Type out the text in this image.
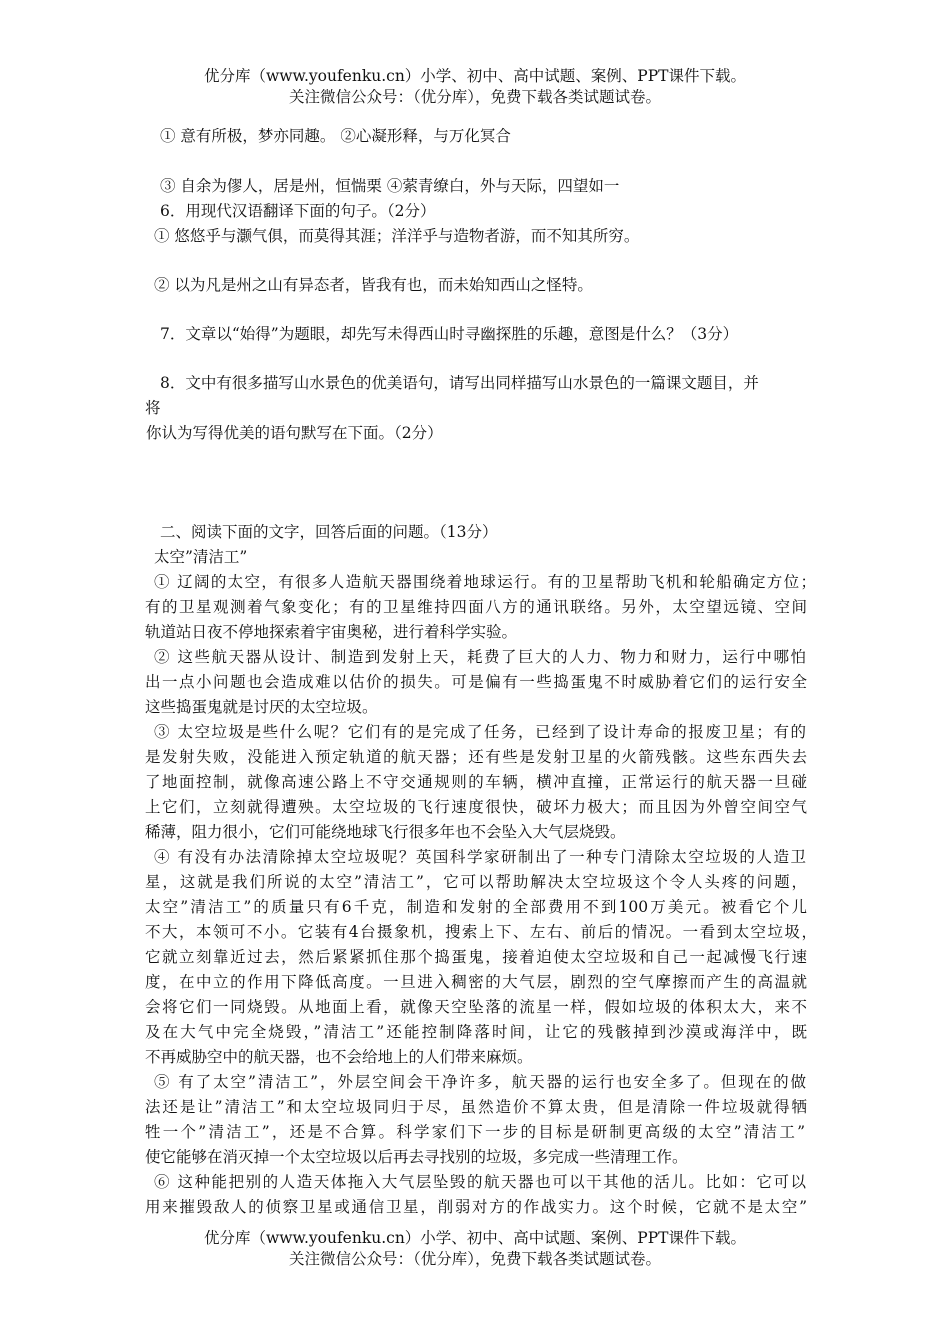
优分库（www.youfenku.cn）小学、初中、高中试题、案例、PPT课件下载。
关注微信公众号：（优分库），免费下载各类试题试卷。
① 意有所极，梦亦同趣。 ②心凝形释，与万化冥合
③ 自余为僇人，居是州，恒惴栗 ④萦青缭白，外与天际，四望如一
6．用现代汉语翻译下面的句子。（2分）
① 悠悠乎与灏气俱，而莫得其涯；洋洋乎与造物者游，而不知其所穷。
② 以为凡是州之山有异态者，皆我有也，而未始知西山之怪特。
7．文章以“始得”为题眼，却先写未得西山时寻幽探胜的乐趣，意图是什么？（3分）
8．文中有很多描写山水景色的优美语句，请写出同样描写山水景色的一篇课文题目，并
将
你认为写得优美的语句默写在下面。（2分）
二、阅读下面的文字，回答后面的问题。（13分）
太空”清洁工”
① 辽阔的太空，有很多人造航天器围绕着地球运行。有的卫星帮助飞机和轮船确定方位；
有的卫星观测着气象变化；有的卫星维持四面八方的通讯联络。另外，太空望远镜、空间
轨道站日夜不停地探索着宇宙奥秘，进行着科学实验。
② 这些航天器从设计、制造到发射上天，耗费了巨大的人力、物力和财力，运行中哪怕
出一点小问题也会造成难以估价的损失。可是偏有一些捣蛋鬼不时威胁着它们的运行安全
这些捣蛋鬼就是讨厌的太空垃圾。
③ 太空垃圾是些什么呢？它们有的是完成了任务，已经到了设计寿命的报废卫星；有的
是发射失败，没能进入预定轨道的航天器；还有些是发射卫星的火箭残骸。这些东西失去
了地面控制，就像高速公路上不守交通规则的车辆，横冲直撞，正常运行的航天器一旦碰
上它们，立刻就得遭殃。太空垃圾的飞行速度很快，破坏力极大；而且因为外曾空间空气
稀薄，阻力很小，它们可能绕地球飞行很多年也不会坠入大气层烧毁。
④ 有没有办法清除掉太空垃圾呢？英国科学家研制出了一种专门清除太空垃圾的人造卫
星，这就是我们所说的太空”清洁工”，它可以帮助解决太空垃圾这个令人头疼的问题，
太空”清洁工”的质量只有6千克，制造和发射的全部费用不到100万美元。被看它个儿
不大，本领可不小。它装有4台摄象机，搜索上下、左右、前后的情况。一看到太空垃圾，
它就立刻靠近过去，然后紧紧抓住那个捣蛋鬼，接着迫使太空垃圾和自己一起减慢飞行速
度，在中立的作用下降低高度。一旦进入稠密的大气层，剧烈的空气摩擦而产生的高温就
会将它们一同烧毁。从地面上看，就像天空坠落的流星一样，假如垃圾的体积太大，来不
及在大气中完全烧毁，”清洁工”还能控制降落时间，让它的残骸掉到沙漠或海洋中，既
不再威胁空中的航天器，也不会给地上的人们带来麻烦。
⑤ 有了太空”清洁工”，外层空间会干净许多，航天器的运行也安全多了。但现在的做
法还是让”清洁工”和太空垃圾同归于尽，虽然造价不算太贵，但是清除一件垃圾就得牺
牲一个”清洁工”，还是不合算。科学家们下一步的目标是研制更高级的太空”清洁工”
使它能够在消灭掉一个太空垃圾以后再去寻找别的垃圾，多完成一些清理工作。
⑥ 这种能把别的人造天体拖入大气层坠毁的航天器也可以干其他的活儿。比如：它可以
用来摧毁敌人的侦察卫星或通信卫星，削弱对方的作战实力。这个时候，它就不是太空”
优分库（www.youfenku.cn）小学、初中、高中试题、案例、PPT课件下载。
关注微信公众号：（优分库），免费下载各类试题试卷。
